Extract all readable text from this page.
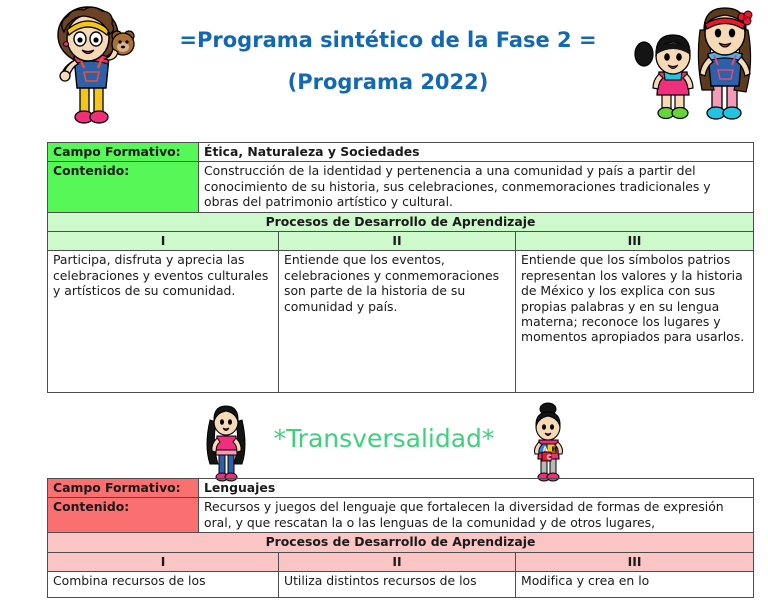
=Programa sintético de la Fase 2 =
(Programa 2022)
Campo Formativo:	Ética, Naturaleza y Sociedades		
Contenido:	Construcción de la identidad y pertenencia a una comunidad y país a partir del conocimiento de su historia, sus celebraciones, conmemoraciones tradicionales y obras del patrimonio artístico y cultural.		
Procesos de Desarrollo de Aprendizaje			
I		II	III
Participa, disfruta y aprecia las celebraciones y eventos culturales y artísticos de su comunidad.		Entiende que los eventos, celebraciones y conmemoraciones son parte de la historia de su comunidad y país.	Entiende que los símbolos patrios representan los valores y la historia de México y los explica con sus propias palabras y en su lengua materna; reconoce los lugares y momentos apropiados para usarlos.
*Transversalidad*	A B
C
Campo Formativo:	Lenguajes		
Contenido:	Recursos y juegos del lenguaje que fortalecen la diversidad de formas de expresión oral, y que rescatan la o las lenguas de la comunidad y de otros lugares,		
Procesos de Desarrollo de Aprendizaje			
I		II	III
Combina recursos de los		Utiliza distintos recursos de los	Modifica y crea en lo
